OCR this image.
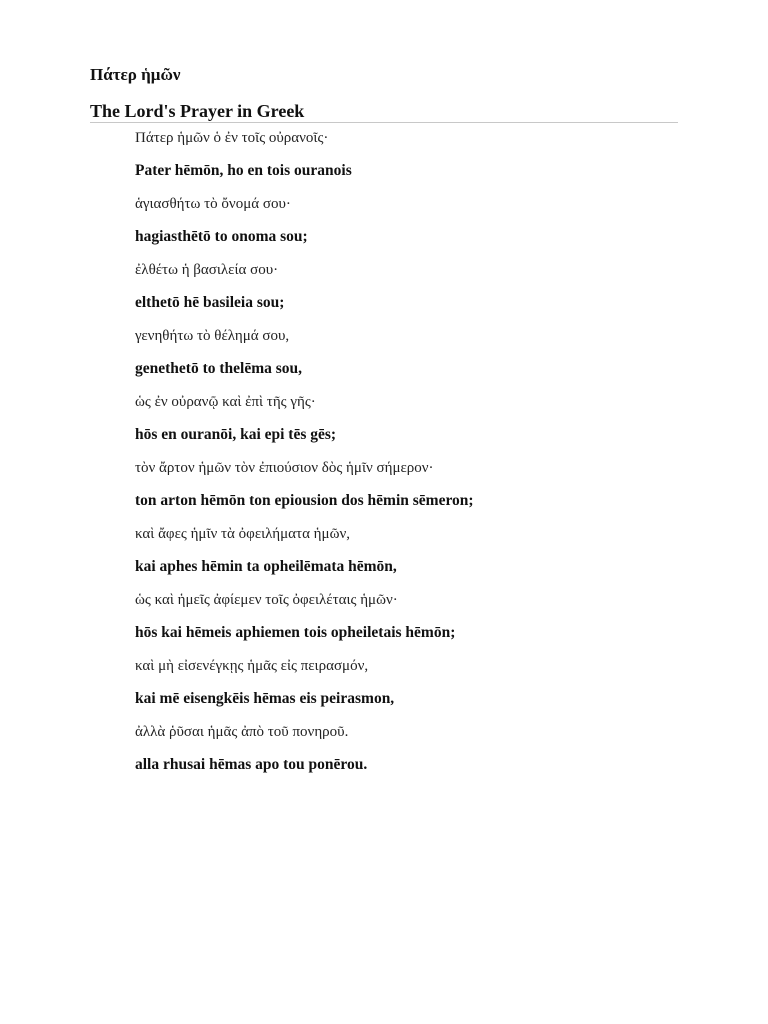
Πάτερ ἡμῶν
The Lord's Prayer in Greek
Πάτερ ἡμῶν ὁ ἐν τοῖς οὐρανοῖς·
Pater hēmōn, ho en tois ouranois
ἁγιασθήτω τὸ ὄνομά σου·
hagiasthētō to onoma sou;
ἐλθέτω ἡ βασιλεία σου·
elthetō hē basileia sou;
γενηθήτω τὸ θέλημά σου,
genethetō to thelēma sou,
ὡς ἐν οὐρανῷ καὶ ἐπὶ τῆς γῆς·
hōs en ouranōi, kai epi tēs gēs;
τὸν ἄρτον ἡμῶν τὸν ἐπιούσιον δὸς ἡμῖν σήμερον·
ton arton hēmōn ton epiousion dos hēmin sēmeron;
καὶ ἄφες ἡμῖν τὰ ὀφειλήματα ἡμῶν,
kai aphes hēmin ta opheilēmata hēmōn,
ὡς καὶ ἡμεῖς ἀφίεμεν τοῖς ὀφειλέταις ἡμῶν·
hōs kai hēmeis aphiemen tois opheiletais hēmōn;
καὶ μὴ εἰσενέγκῃς ἡμᾶς εἰς πειρασμόν,
kai mē eisengkēis hēmas eis peirasmon,
ἀλλὰ ῥῦσαι ἡμᾶς ἀπὸ τοῦ πονηροῦ.
alla rhusai hēmas apo tou ponērou.
